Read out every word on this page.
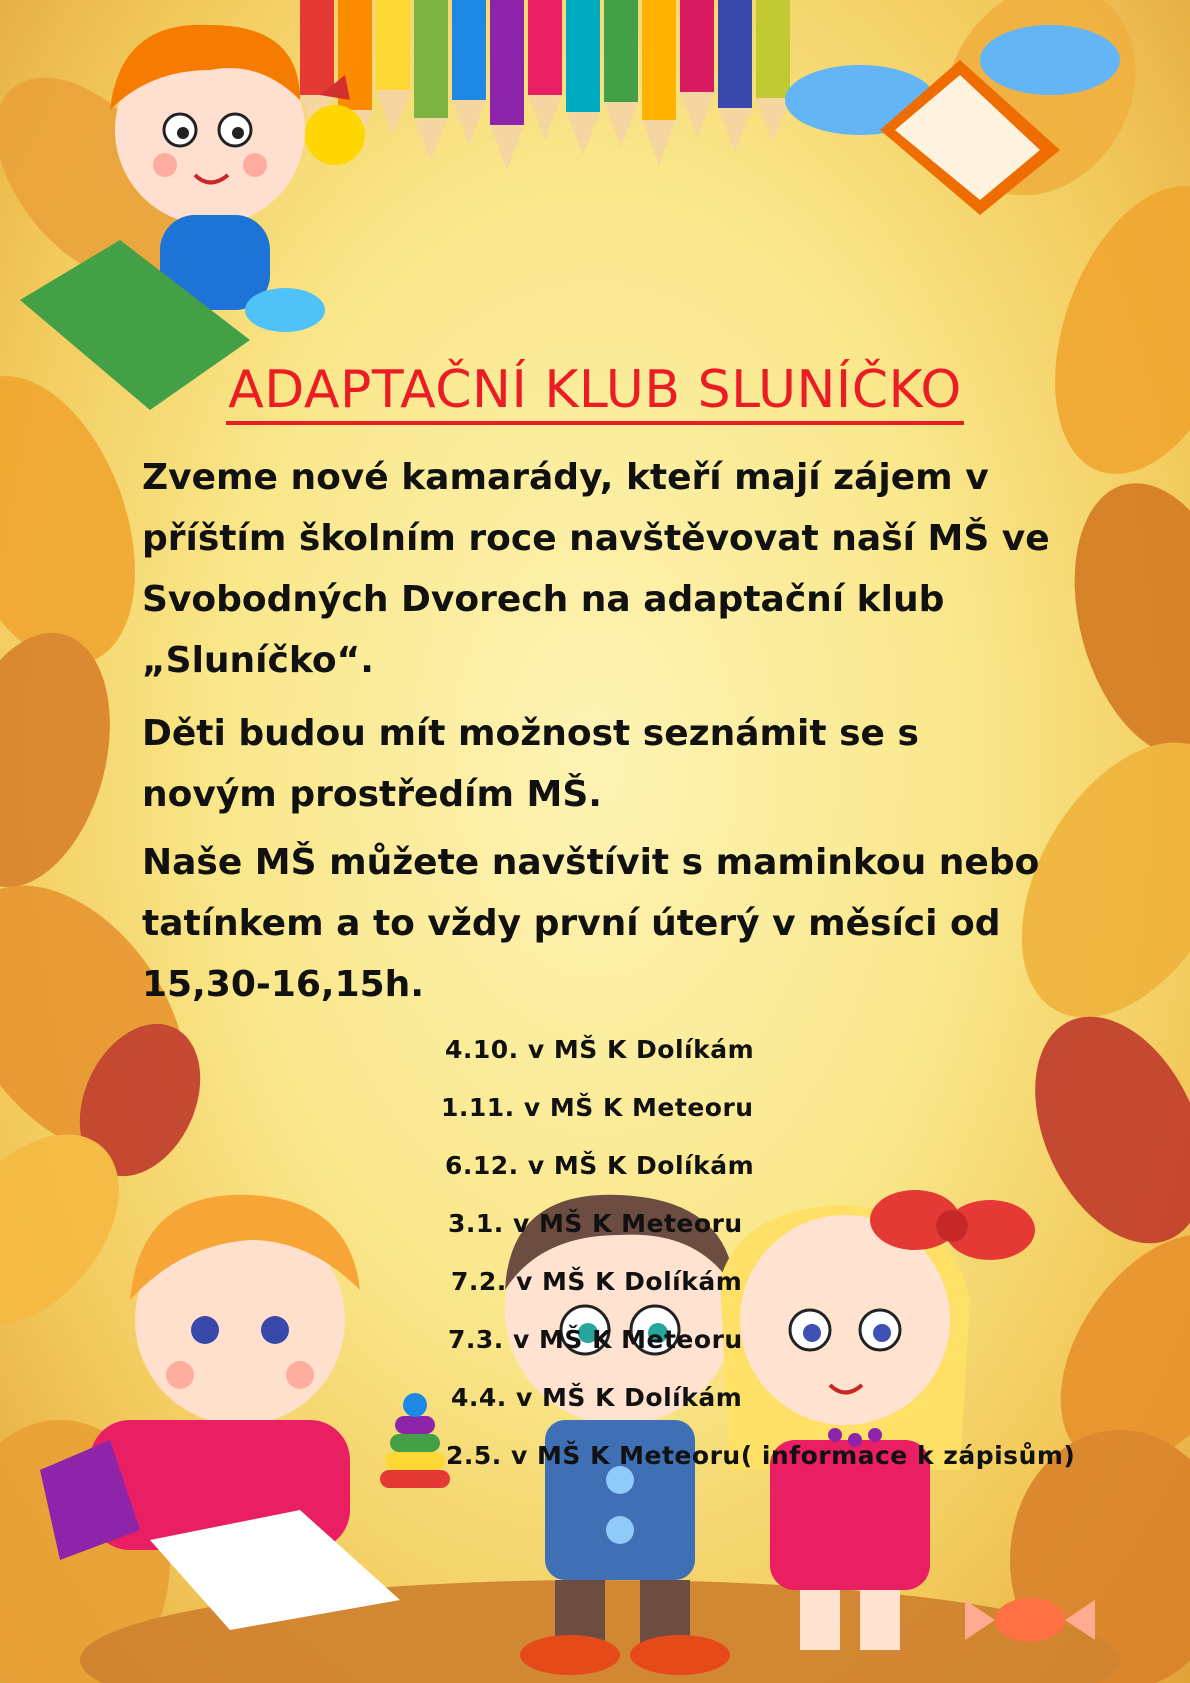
ADAPTAČNÍ KLUB SLUNÍČKO

Zveme nové kamarády, kteří mají zájem v příštím školním roce navštěvovat naší MŠ ve Svobodných Dvorech na adaptační klub „Sluníčko“.

Děti budou mít možnost seznámit se s novým prostředím MŠ.

Naše MŠ můžete navštívit s maminkou nebo tatínkem a to vždy první úterý v měsíci od 15,30-16,15h.

4.10. v MŠ K Dolíkám
1.11. v MŠ K Meteoru
6.12. v MŠ K Dolíkám
3.1. v MŠ K Meteoru
7.2. v MŠ K Dolíkám
7.3. v MŠ K Meteoru
4.4. v MŠ K Dolíkám
2.5. v MŠ K Meteoru( informace k zápisům)
